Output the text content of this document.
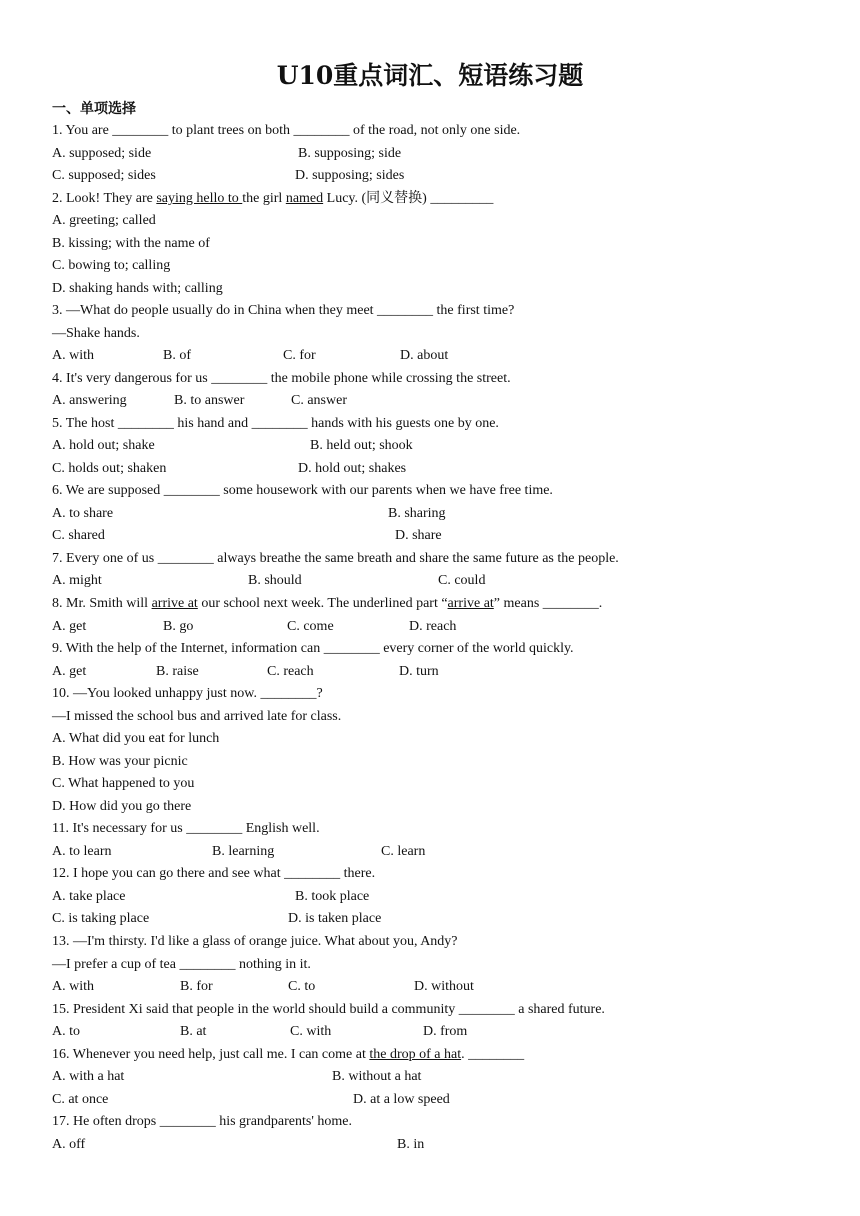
U10重点词汇、短语练习题
一、单项选择
1. You are ________ to plant trees on both ________ of the road, not only one side.
A. supposed; side	B. supposing; side
C. supposed; sides	D. supposing; sides
2. Look! They are saying hello to the girl named Lucy. (同义替换) _________
A. greeting; called
B. kissing; with the name of
C. bowing to; calling
D. shaking hands with; calling
3. —What do people usually do in China when they meet ________ the first time?
—Shake hands.
A. with	B. of	C. for	D. about
4. It's very dangerous for us ________ the mobile phone while crossing the street.
A. answering	B. to answer	C. answer
5. The host ________ his hand and ________ hands with his guests one by one.
A. hold out; shake	B. held out; shook
C. holds out; shaken	D. hold out; shakes
6. We are supposed ________ some housework with our parents when we have free time.
A. to share	B. sharing
C. shared	D. share
7. Every one of us ________ always breathe the same breath and share the same future as the people.
A. might	B. should	C. could
8. Mr. Smith will arrive at our school next week. The underlined part “arrive at” means ________.
A. get	B. go	C. come	D. reach
9. With the help of the Internet, information can ________ every corner of the world quickly.
A. get	B. raise	C. reach	D. turn
10. —You looked unhappy just now. ________?
—I missed the school bus and arrived late for class.
A. What did you eat for lunch
B. How was your picnic
C. What happened to you
D. How did you go there
11. It's necessary for us ________ English well.
A. to learn	B. learning	C. learn
12. I hope you can go there and see what ________ there.
A. take place	B. took place
C. is taking place	D. is taken place
13. —I'm thirsty. I'd like a glass of orange juice. What about you, Andy?
—I prefer a cup of tea ________ nothing in it.
A. with	B. for	C. to	D. without
15. President Xi said that people in the world should build a community ________ a shared future.
A. to	B. at	C. with	D. from
16. Whenever you need help, just call me. I can come at the drop of a hat. ________
A. with a hat	B. without a hat
C. at once	D. at a low speed
17. He often drops ________ his grandparents' home.
A. off	B. in
